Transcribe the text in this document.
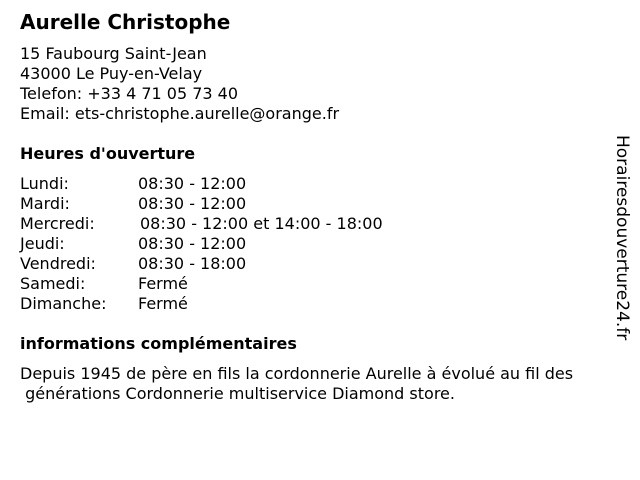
Aurelle Christophe
15 Faubourg Saint-Jean
43000 Le Puy-en-Velay
Telefon: +33 4 71 05 73 40
Email: ets-christophe.aurelle@orange.fr
Heures d'ouverture
Lundi:	08:30 - 12:00
Mardi:	08:30 - 12:00
Mercredi:	08:30 - 12:00 et 14:00 - 18:00
Jeudi:	08:30 - 12:00
Vendredi:	08:30 - 18:00
Samedi:	Fermé
Dimanche: Fermé
informations complémentaires

Depuis 1945 de père en fils la cordonnerie Aurelle à évolué au fil des
générations Cordonnerie multiservice Diamond store.

Horairesdouverture24.fr
